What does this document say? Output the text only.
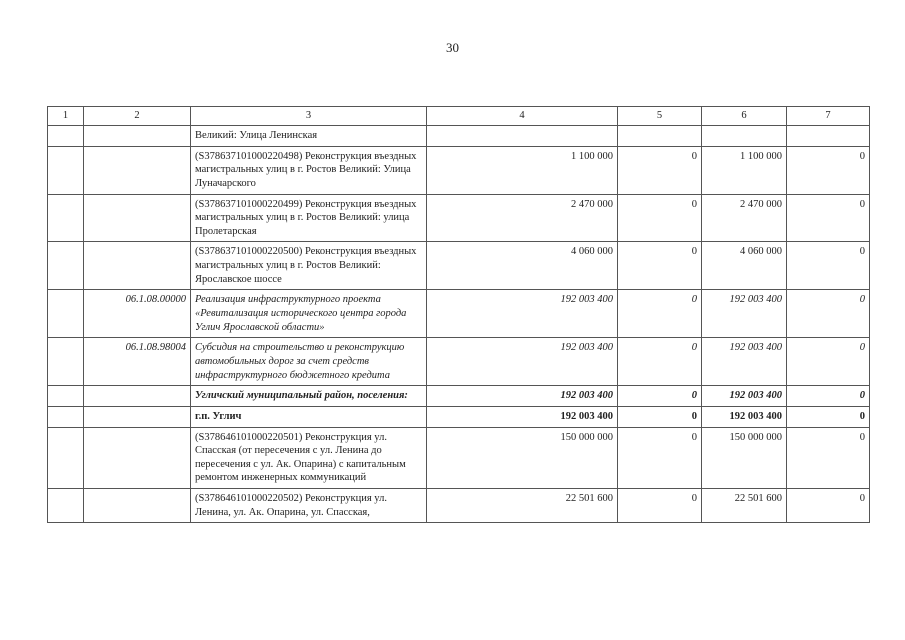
30
1	2	3	4	5	6	7
		Великий: Улица Ленинская				
		(S378637101000220498) Реконструкция въездных магистральных улиц в г. Ростов Великий: Улица Луначарского	1 100 000	0	1 100 000	0
		(S378637101000220499) Реконструкция въездных магистральных улиц в г. Ростов Великий: улица Пролетарская	2 470 000	0	2 470 000	0
		(S378637101000220500) Реконструкция въездных магистральных улиц в г. Ростов Великий: Ярославское шоссе	4 060 000	0	4 060 000	0
	06.1.08.00000	Реализация инфраструктурного проекта «Ревитализация исторического центра города Углич Ярославской области»	192 003 400	0	192 003 400	0
	06.1.08.98004	Субсидия на строительство и реконструкцию автомобильных дорог за счет средств инфраструктурного бюджетного кредита	192 003 400	0	192 003 400	0
		Угличский муниципальный район, поселения:	192 003 400	0	192 003 400	0
		г.п. Углич	192 003 400	0	192 003 400	0
		(S378646101000220501) Реконструкция ул. Спасская (от пересечения с ул. Ленина до пересечения с ул. Ак. Опарина) с капитальным ремонтом инженерных коммуникаций	150 000 000	0	150 000 000	0
		(S378646101000220502) Реконструкция ул. Ленина, ул. Ак. Опарина, ул. Спасская,	22 501 600	0	22 501 600	0
